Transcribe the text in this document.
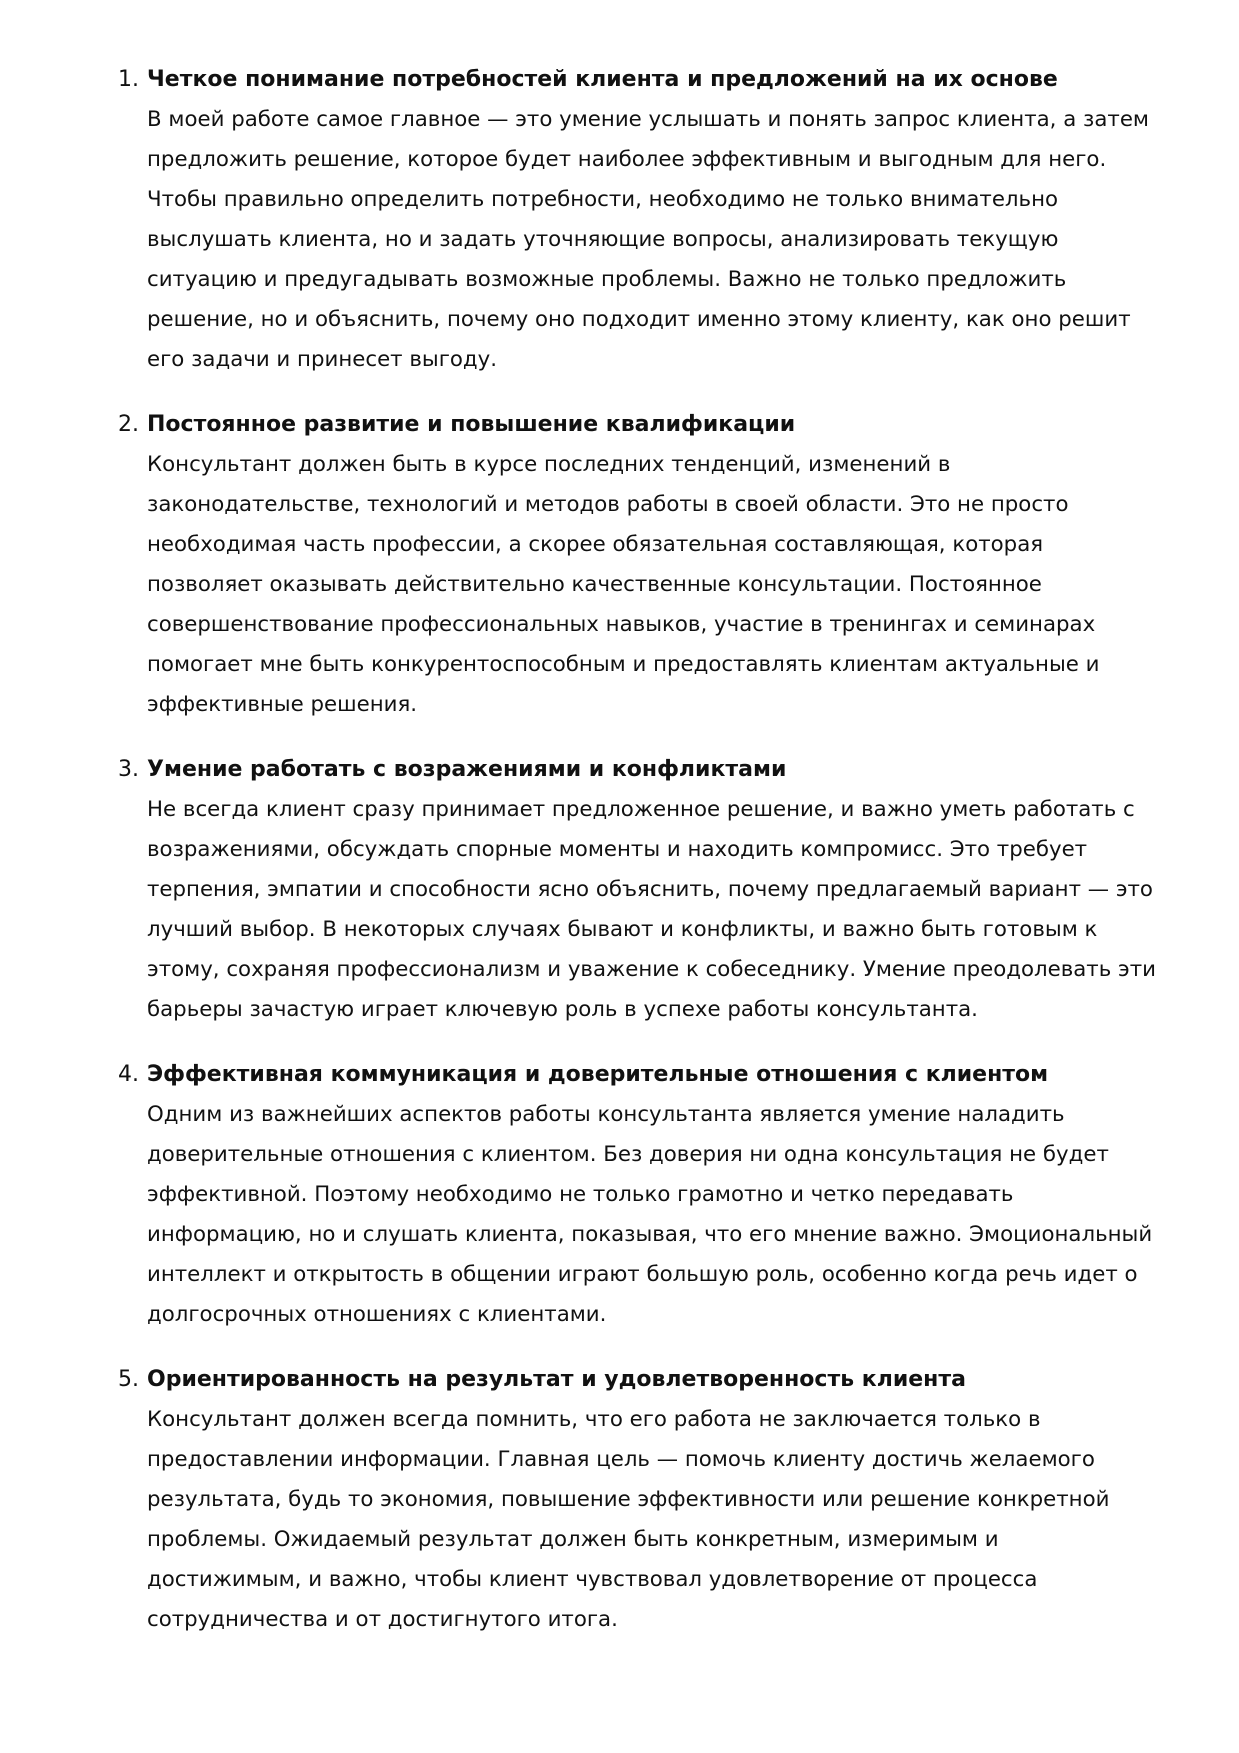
1. Четкое понимание потребностей клиента и предложений на их основе

В моей работе самое главное — это умение услышать и понять запрос клиента, а затем предложить решение, которое будет наиболее эффективным и выгодным для него. Чтобы правильно определить потребности, необходимо не только внимательно выслушать клиента, но и задать уточняющие вопросы, анализировать текущую ситуацию и предугадывать возможные проблемы. Важно не только предложить решение, но и объяснить, почему оно подходит именно этому клиенту, как оно решит его задачи и принесет выгоду.

2. Постоянное развитие и повышение квалификации

Консультант должен быть в курсе последних тенденций, изменений в законодательстве, технологий и методов работы в своей области. Это не просто необходимая часть профессии, а скорее обязательная составляющая, которая позволяет оказывать действительно качественные консультации. Постоянное совершенствование профессиональных навыков, участие в тренингах и семинарах помогает мне быть конкурентоспособным и предоставлять клиентам актуальные и эффективные решения.

3. Умение работать с возражениями и конфликтами

Не всегда клиент сразу принимает предложенное решение, и важно уметь работать с возражениями, обсуждать спорные моменты и находить компромисс. Это требует терпения, эмпатии и способности ясно объяснить, почему предлагаемый вариант — это лучший выбор. В некоторых случаях бывают и конфликты, и важно быть готовым к этому, сохраняя профессионализм и уважение к собеседнику. Умение преодолевать эти барьеры зачастую играет ключевую роль в успехе работы консультанта.

4. Эффективная коммуникация и доверительные отношения с клиентом

Одним из важнейших аспектов работы консультанта является умение наладить доверительные отношения с клиентом. Без доверия ни одна консультация не будет эффективной. Поэтому необходимо не только грамотно и четко передавать информацию, но и слушать клиента, показывая, что его мнение важно. Эмоциональный интеллект и открытость в общении играют большую роль, особенно когда речь идет о долгосрочных отношениях с клиентами.

5. Ориентированность на результат и удовлетворенность клиента

Консультант должен всегда помнить, что его работа не заключается только в предоставлении информации. Главная цель — помочь клиенту достичь желаемого результата, будь то экономия, повышение эффективности или решение конкретной проблемы. Ожидаемый результат должен быть конкретным, измеримым и достижимым, и важно, чтобы клиент чувствовал удовлетворение от процесса сотрудничества и от достигнутого итога.
